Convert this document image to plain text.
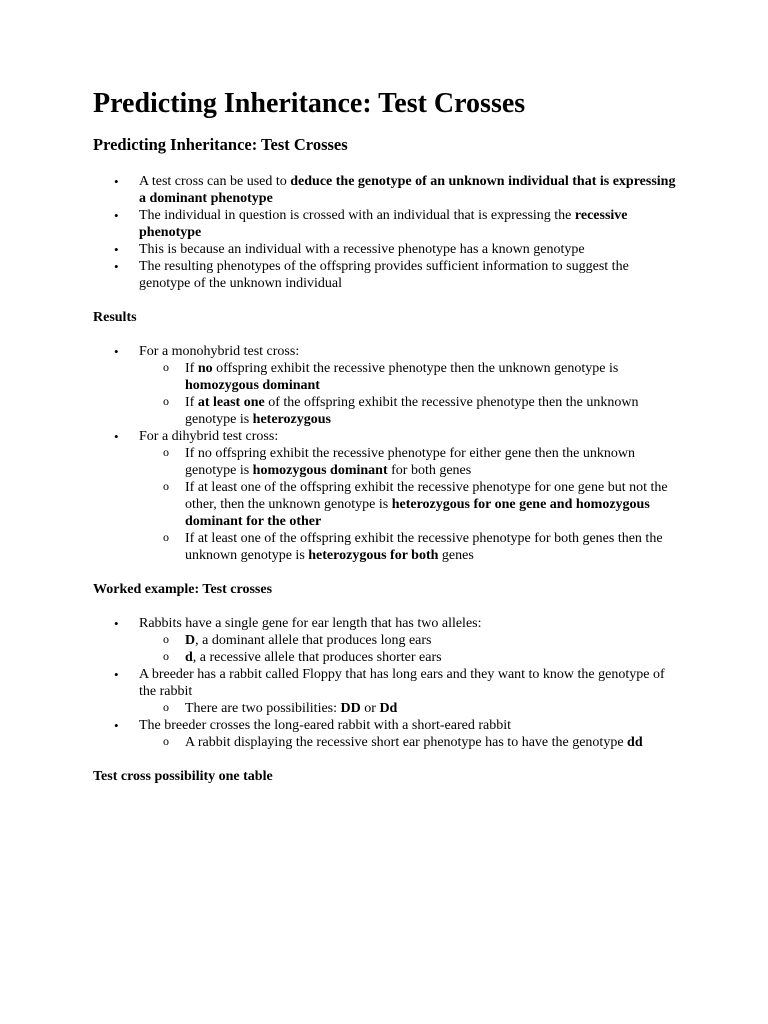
Predicting Inheritance: Test Crosses
Predicting Inheritance: Test Crosses
• A test cross can be used to deduce the genotype of an unknown individual that is expressing a dominant phenotype
• The individual in question is crossed with an individual that is expressing the recessive phenotype
• This is because an individual with a recessive phenotype has a known genotype
• The resulting phenotypes of the offspring provides sufficient information to suggest the genotype of the unknown individual

Results

• For a monohybrid test cross:
o If no offspring exhibit the recessive phenotype then the unknown genotype is homozygous dominant
o If at least one of the offspring exhibit the recessive phenotype then the unknown genotype is heterozygous
• For a dihybrid test cross:
o If no offspring exhibit the recessive phenotype for either gene then the unknown genotype is homozygous dominant for both genes
o If at least one of the offspring exhibit the recessive phenotype for one gene but not the other, then the unknown genotype is heterozygous for one gene and homozygous dominant for the other
o If at least one of the offspring exhibit the recessive phenotype for both genes then the unknown genotype is heterozygous for both genes

Worked example: Test crosses

• Rabbits have a single gene for ear length that has two alleles:
o D, a dominant allele that produces long ears
o d, a recessive allele that produces shorter ears
• A breeder has a rabbit called Floppy that has long ears and they want to know the genotype of the rabbit
o There are two possibilities: DD or Dd
• The breeder crosses the long-eared rabbit with a short-eared rabbit
o A rabbit displaying the recessive short ear phenotype has to have the genotype dd

Test cross possibility one table
